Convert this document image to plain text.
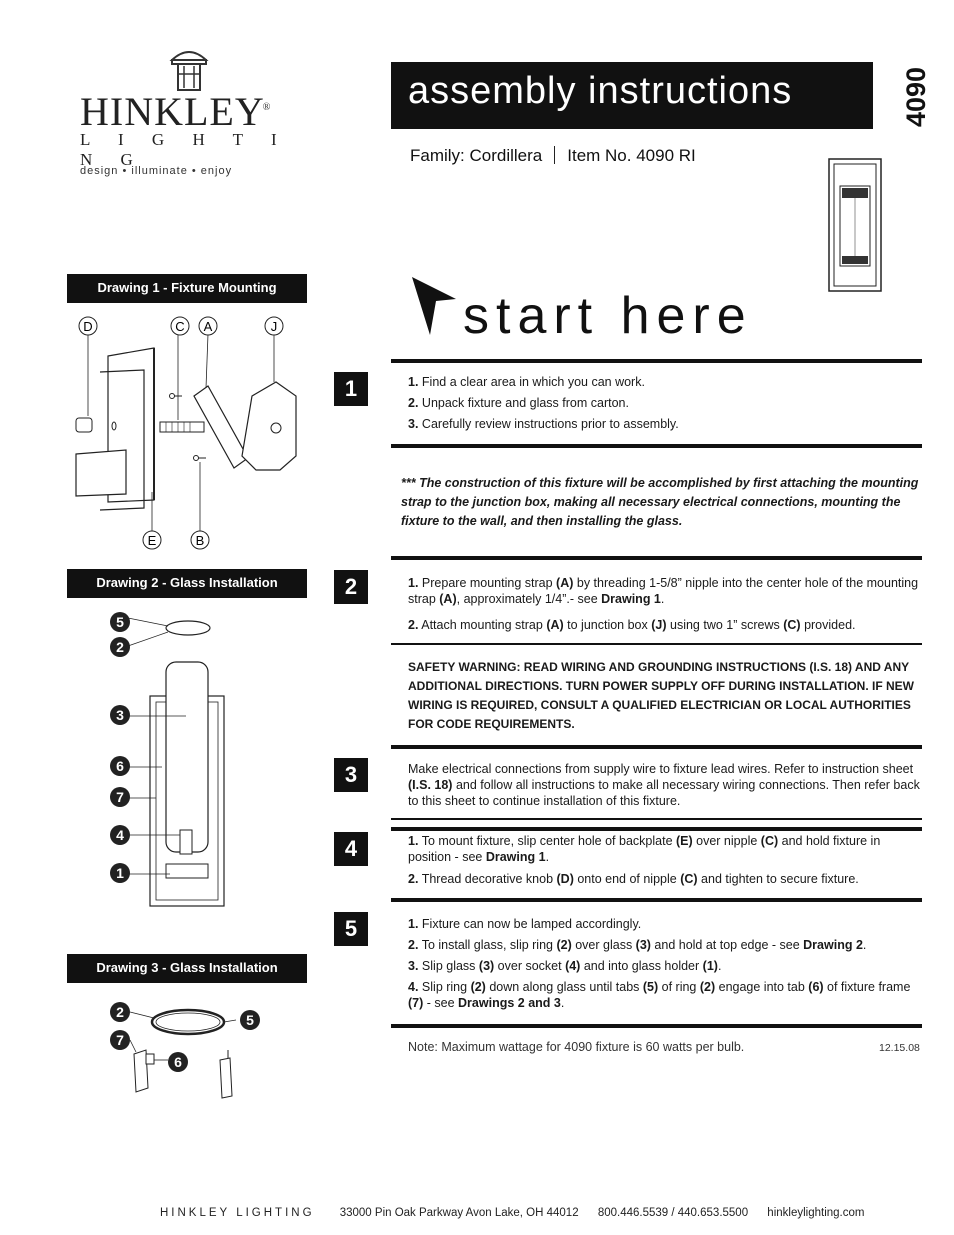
HINKLEY®
L I G H T I N G
design • illuminate • enjoy
assembly instructions	4090
Family: Cordillera Item No. 4090 RI
start here
Drawing 1 - Fixture Mounting
D	C A	J
E	B
Drawing 2 - Glass Installation
5
2
3
6
7
4
1
Drawing 3 - Glass Installation
2	5
7
6
1	1. Find a clear area in which you can work.

2. Unpack fixture and glass from carton.

3. Carefully review instructions prior to assembly.

*** The construction of this fixture will be accomplished by first attaching the mounting strap to the junction box, making all necessary electrical connections, mounting the fixture to the wall, and then installing the glass.
2	1. Prepare mounting strap (A) by threading 1-5/8” nipple into the center hole of the mounting strap (A), approximately 1/4”.- see Drawing 1.

2. Attach mounting strap (A) to junction box (J) using two 1” screws (C) provided.

SAFETY WARNING: READ WIRING AND GROUNDING INSTRUCTIONS (I.S. 18) AND ANY ADDITIONAL DIRECTIONS. TURN POWER SUPPLY OFF DURING INSTALLATION. IF NEW WIRING IS REQUIRED, CONSULT A QUALIFIED ELECTRICIAN OR LOCAL AUTHORITIES FOR CODE REQUIREMENTS.
3	Make electrical connections from supply wire to fixture lead wires. Refer to instruction sheet (I.S. 18) and follow all instructions to make all necessary wiring connections. Then refer back to this sheet to continue installation of this fixture.
4	1. To mount fixture, slip center hole of backplate (E) over nipple (C) and hold fixture in position - see Drawing 1.

2. Thread decorative knob (D) onto end of nipple (C) and tighten to secure fixture.

5	1. Fixture can now be lamped accordingly.

2. To install glass, slip ring (2) over glass (3) and hold at top edge - see Drawing 2.

3. Slip glass (3) over socket (4) and into glass holder (1).

4. Slip ring (2) down along glass until tabs (5) of ring (2) engage into tab (6) of fixture frame (7) - see Drawings 2 and 3.

Note: Maximum wattage for 4090 fixture is 60 watts per bulb.	12.15.08
HINKLEY LIGHTING 33000 Pin Oak Parkway Avon Lake, OH 44012 800.446.5539 / 440.653.5500 hinkleylighting.com
